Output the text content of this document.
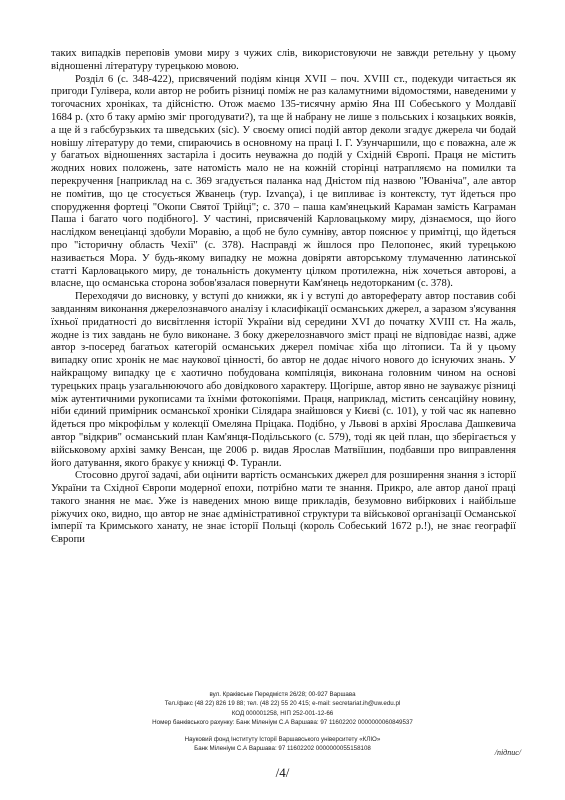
таких випадків переповів умови миру з чужих слів, використовуючи не завжди ретельну у цьому відношенні літературу турецькою мовою.

Розділ 6 (с. 348-422), присвячений подіям кінця XVII – поч. XVIII ст., подекуди читається як пригоди Гулівера, коли автор не робить різниці поміж не раз каламутними відомостями, наведеними у тогочасних хроніках, та дійсністю. Отож маємо 135-тисячну армію Яна III Собеського у Молдавії 1684 р. (хто б таку армію зміг прогодувати?), та ще й набрану не лише з польських і козацьких вояків, а ще й з габсбурзьких та шведських (sic). У своєму описі подій автор деколи згадує джерела чи бодай новішу літературу до теми, спираючись в основному на праці І. Г. Узунчаршили, що є поважна, але ж у багатьох відношеннях застаріла і досить неуважна до подій у Східній Європі. Праця не містить жодних нових положень, зате натомість мало не на кожній сторінці натрапляємо на помилки та перекручення [наприклад на с. 369 згадується паланка над Дністом під назвою "Юваніча", але автор не помітив, що це стосується Жванець (тур. Izvança), і це випливає із контексту, тут йдеться про спорудження фортеці "Окопи Святої Трійці"; с. 370 – паша кам'янецький Караман замість Каграман Паша і багато чого подібного]. У частині, присвяченій Карловацькому миру, дізнаємося, що його наслідком венеціанці здобули Моравію, а щоб не було сумніву, автор пояснює у примітці, що йдеться про "історичну область Чехії" (с. 378). Насправді ж йшлося про Пелопонес, який турецькою називається Мора. У будь-якому випадку не можна довіряти авторському тлумаченню латинської статті Карловацького миру, де тональність документу цілком протилежна, ніж хочеться авторові, а власне, що османська сторона зобов'язалася повернути Кам'янець недоторканим (с. 378).

Переходячи до висновку, у вступі до книжки, як і у вступі до автореферату автор поставив собі завданням виконання джерелознавчого аналізу і класифікації османських джерел, а заразом з'ясування їхньої придатності до висвітлення історії України від середини XVI до початку XVIII ст. На жаль, жодне із тих завдань не було виконане. З боку джерелознавчого зміст праці не відповідає назві, адже автор з-посеред багатьох категорій османських джерел помічає хіба що літописи. Та й у цьому випадку опис хронік не має наукової цінності, бо автор не додає нічого нового до існуючих знань. У найкращому випадку це є хаотично побудована компіляція, виконана головним чином на основі турецьких праць узагальнюючого або довідкового характеру. Щогірше, автор явно не зауважує різниці між аутентичними рукописами та їхніми фотокопіями. Праця, наприклад, містить сенсаційну новину, ніби єдиний примірник османської хроніки Сілядара знайшовся у Києві (с. 101), у той час як напевно йдеться про мікрофільм у колекції Омеляна Пріцака. Подібно, у Львові в архіві Ярослава Дашкевича автор "відкрив" османський план Кам'янця-Подільського (с. 579), тоді як цей план, що зберігається у військовому архіві замку Венсан, ще 2006 р. видав Ярослав Матвіїшин, подбавши про виправлення його датування, якого бракує у книжці Ф. Туранли.

Стосовно другої задачі, аби оцінити вартість османських джерел для розширення знання з історії України та Східної Європи модерної епохи, потрібно мати те знання. Прикро, але автор даної праці такого знання не має. Уже із наведених мною вище прикладів, безумовно вибіркових і найбільше ріжучих око, видно, що автор не знає адміністративної структури та військової організації Османської імперії та Кримського ханату, не знає історії Польщі (король Собеський 1672 р.!), не знає географії Європи

вул. Краківське Передмістя 26/28; 00-927 Варшава
Тел./факс (48 22) 826 19 88; тел. (48 22) 55 20 415; e-mail: secretariat.ih@uw.edu.pl
КОД 000001258, НІП 252-001-12-66
Номер банківського рахунку: Банк Міленіум С.А Варшава: 97 11602202 0000000060849537
Науковий фонд Інституту Історії Варшавського університету «КЛІО»
Банк Міленіум С.А Варшава: 97 11602202 0000000055158108	/підпис/
/4/
